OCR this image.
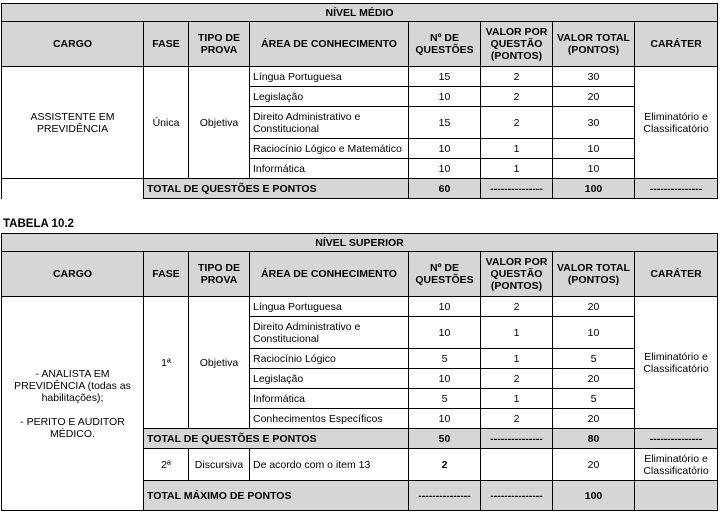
NÍVEL MÉDIO							
CARGO	FASE	TIPO DE PROVA	ÁREA DE CONHECIMENTO	Nº DE QUESTÕES	VALOR POR QUESTÃO (PONTOS)	VALOR TOTAL (PONTOS)	CARÁTER
ASSISTENTE EM PREVIDÊNCIA	Única	Objetiva	Língua Portuguesa	15	2	30	Eliminatório e Classificatório
			Legislação	10	2	20	
			Direito Administrativo e Constitucional	15	2	30	
			Raciocínio Lógico e Matemático	10	1	10	
			Informática	10	1	10	
	TOTAL DE QUESTÕES E PONTOS			60	---------------	100	---------------
TABELA 10.2
NÍVEL SUPERIOR							
CARGO	FASE	TIPO DE PROVA	ÁREA DE CONHECIMENTO	Nº DE QUESTÕES	VALOR POR QUESTÃO (PONTOS)	VALOR TOTAL (PONTOS)	CARÁTER

- ANALISTA EM PREVIDÊNCIA (todas as habilitações);
- PERITO E AUDITOR MÉDICO.	1ª	Objetiva	Língua Portuguesa	10	2	20	Eliminatório e Classificatório
			Direito Administrativo e Constitucional	10	1	10	
			Raciocínio Lógico	5	1	5	
			Legislação	10	2	20	
			Informática	5	1	5	
			Conhecimentos Específicos	10	2	20	
	TOTAL DE QUESTÕES E PONTOS			50	---------------	80	---------------
	2ª	Discursiva	De acordo com o item 13	2		20	Eliminatório e Classificatório
	TOTAL MÁXIMO DE PONTOS			---------------	---------------	100	
